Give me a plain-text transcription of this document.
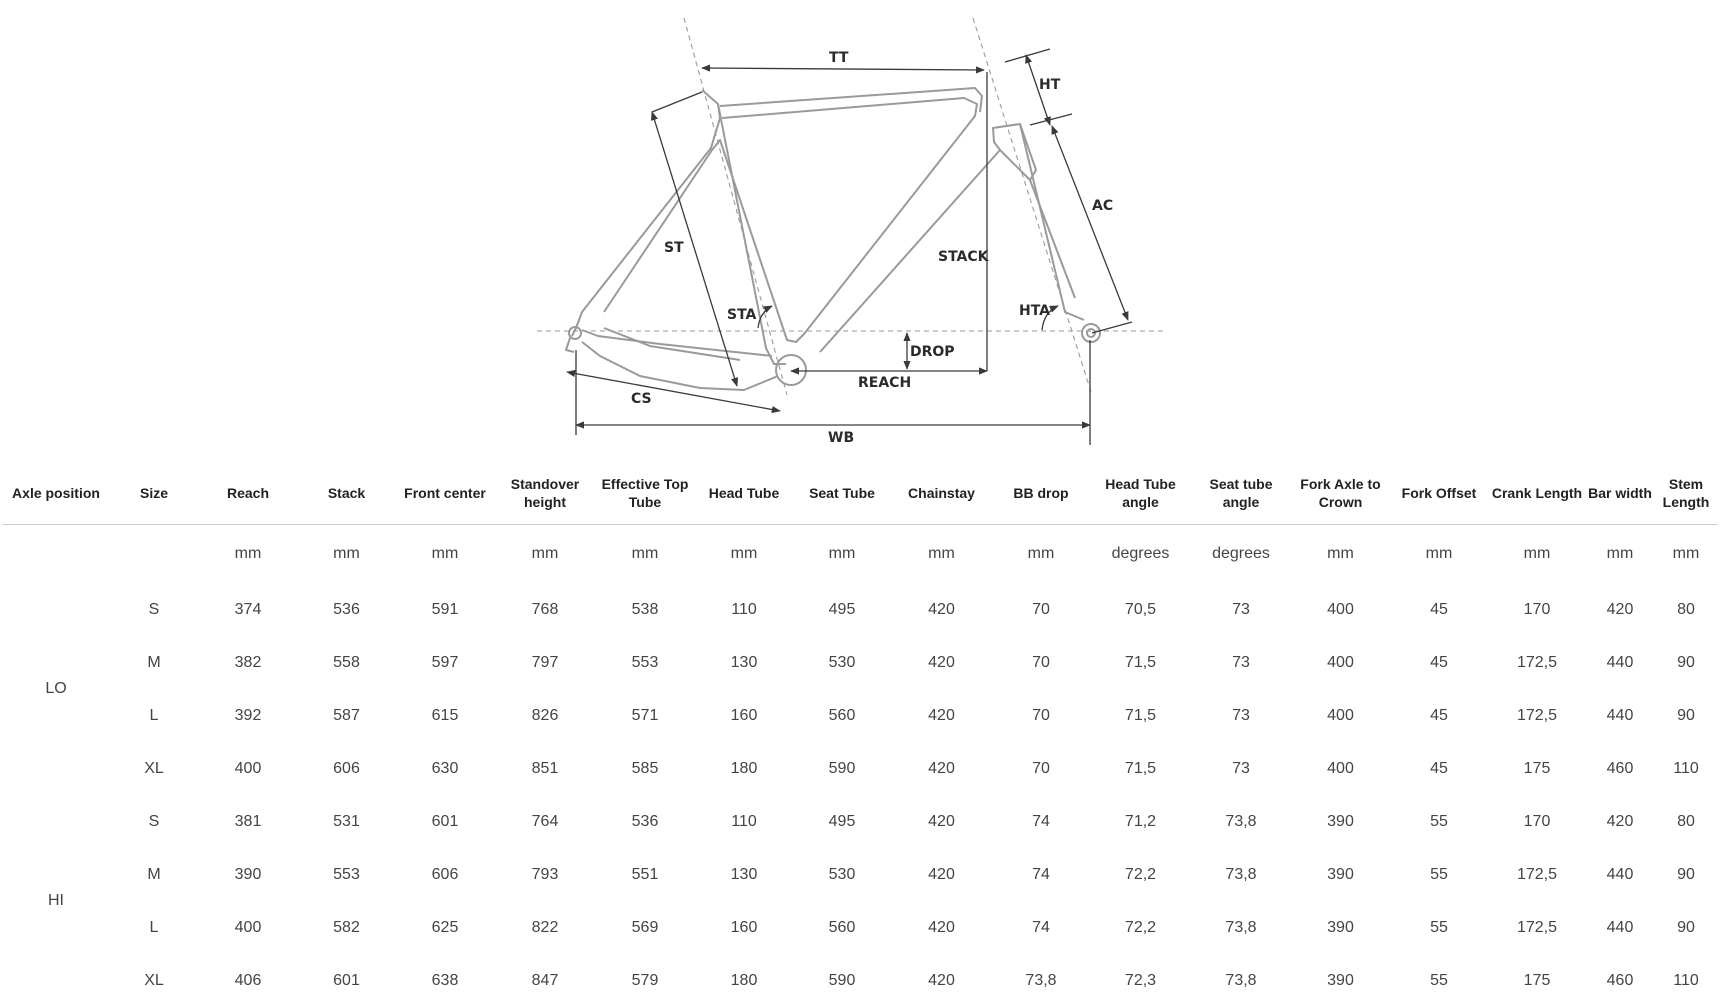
TT
HT
AC
ST
STACK
STA	HTA
DROP
REACH
CS
WB
Axle position	Size	Reach	Stack	Front center	Standover height	Effective Top Tube	Head Tube	Seat Tube	Chainstay	BB drop	Head Tube angle	Seat tube angle	Fork Axle to Crown	Fork Offset	Crank Length	Bar width	Stem Length
		mm	mm	mm	mm	mm	mm	mm	mm	mm	degrees	degrees	mm	mm	mm	mm	mm
LO	S	374	536	591	768	538	110	495	420	70	70,5	73	400	45	170	420	80
	M	382	558	597	797	553	130	530	420	70	71,5	73	400	45	172,5	440	90
	L	392	587	615	826	571	160	560	420	70	71,5	73	400	45	172,5	440	90
	XL	400	606	630	851	585	180	590	420	70	71,5	73	400	45	175	460	110
HI	S	381	531	601	764	536	110	495	420	74	71,2	73,8	390	55	170	420	80
	M	390	553	606	793	551	130	530	420	74	72,2	73,8	390	55	172,5	440	90
	L	400	582	625	822	569	160	560	420	74	72,2	73,8	390	55	172,5	440	90
	XL	406	601	638	847	579	180	590	420	73,8	72,3	73,8	390	55	175	460	110
